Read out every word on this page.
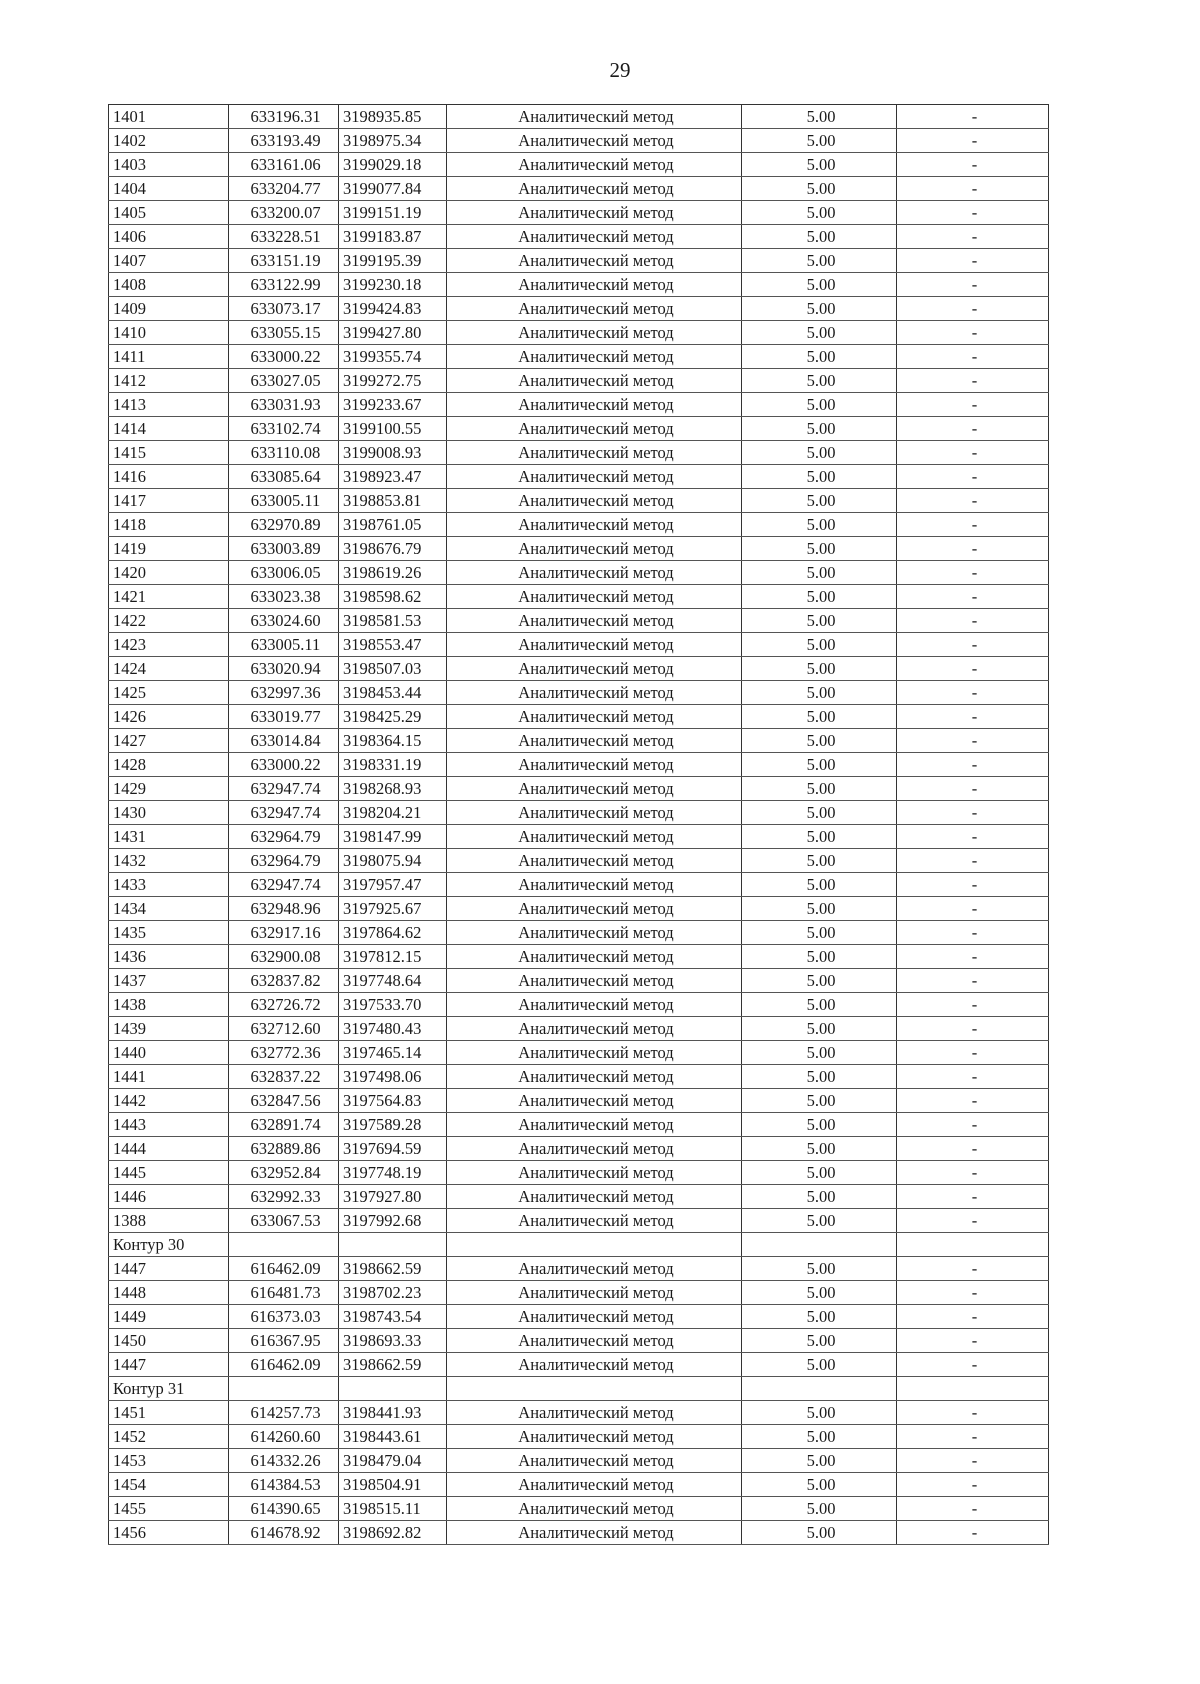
29
1401	633196.31	3198935.85	Аналитический метод	5.00	-
1402	633193.49	3198975.34	Аналитический метод	5.00	-
1403	633161.06	3199029.18	Аналитический метод	5.00	-
1404	633204.77	3199077.84	Аналитический метод	5.00	-
1405	633200.07	3199151.19	Аналитический метод	5.00	-
1406	633228.51	3199183.87	Аналитический метод	5.00	-
1407	633151.19	3199195.39	Аналитический метод	5.00	-
1408	633122.99	3199230.18	Аналитический метод	5.00	-
1409	633073.17	3199424.83	Аналитический метод	5.00	-
1410	633055.15	3199427.80	Аналитический метод	5.00	-
1411	633000.22	3199355.74	Аналитический метод	5.00	-
1412	633027.05	3199272.75	Аналитический метод	5.00	-
1413	633031.93	3199233.67	Аналитический метод	5.00	-
1414	633102.74	3199100.55	Аналитический метод	5.00	-
1415	633110.08	3199008.93	Аналитический метод	5.00	-
1416	633085.64	3198923.47	Аналитический метод	5.00	-
1417	633005.11	3198853.81	Аналитический метод	5.00	-
1418	632970.89	3198761.05	Аналитический метод	5.00	-
1419	633003.89	3198676.79	Аналитический метод	5.00	-
1420	633006.05	3198619.26	Аналитический метод	5.00	-
1421	633023.38	3198598.62	Аналитический метод	5.00	-
1422	633024.60	3198581.53	Аналитический метод	5.00	-
1423	633005.11	3198553.47	Аналитический метод	5.00	-
1424	633020.94	3198507.03	Аналитический метод	5.00	-
1425	632997.36	3198453.44	Аналитический метод	5.00	-
1426	633019.77	3198425.29	Аналитический метод	5.00	-
1427	633014.84	3198364.15	Аналитический метод	5.00	-
1428	633000.22	3198331.19	Аналитический метод	5.00	-
1429	632947.74	3198268.93	Аналитический метод	5.00	-
1430	632947.74	3198204.21	Аналитический метод	5.00	-
1431	632964.79	3198147.99	Аналитический метод	5.00	-
1432	632964.79	3198075.94	Аналитический метод	5.00	-
1433	632947.74	3197957.47	Аналитический метод	5.00	-
1434	632948.96	3197925.67	Аналитический метод	5.00	-
1435	632917.16	3197864.62	Аналитический метод	5.00	-
1436	632900.08	3197812.15	Аналитический метод	5.00	-
1437	632837.82	3197748.64	Аналитический метод	5.00	-
1438	632726.72	3197533.70	Аналитический метод	5.00	-
1439	632712.60	3197480.43	Аналитический метод	5.00	-
1440	632772.36	3197465.14	Аналитический метод	5.00	-
1441	632837.22	3197498.06	Аналитический метод	5.00	-
1442	632847.56	3197564.83	Аналитический метод	5.00	-
1443	632891.74	3197589.28	Аналитический метод	5.00	-
1444	632889.86	3197694.59	Аналитический метод	5.00	-
1445	632952.84	3197748.19	Аналитический метод	5.00	-
1446	632992.33	3197927.80	Аналитический метод	5.00	-
1388	633067.53	3197992.68	Аналитический метод	5.00	-
Контур 30					
1447	616462.09	3198662.59	Аналитический метод	5.00	-
1448	616481.73	3198702.23	Аналитический метод	5.00	-
1449	616373.03	3198743.54	Аналитический метод	5.00	-
1450	616367.95	3198693.33	Аналитический метод	5.00	-
1447	616462.09	3198662.59	Аналитический метод	5.00	-
Контур 31					
1451	614257.73	3198441.93	Аналитический метод	5.00	-
1452	614260.60	3198443.61	Аналитический метод	5.00	-
1453	614332.26	3198479.04	Аналитический метод	5.00	-
1454	614384.53	3198504.91	Аналитический метод	5.00	-
1455	614390.65	3198515.11	Аналитический метод	5.00	-
1456	614678.92	3198692.82	Аналитический метод	5.00	-
